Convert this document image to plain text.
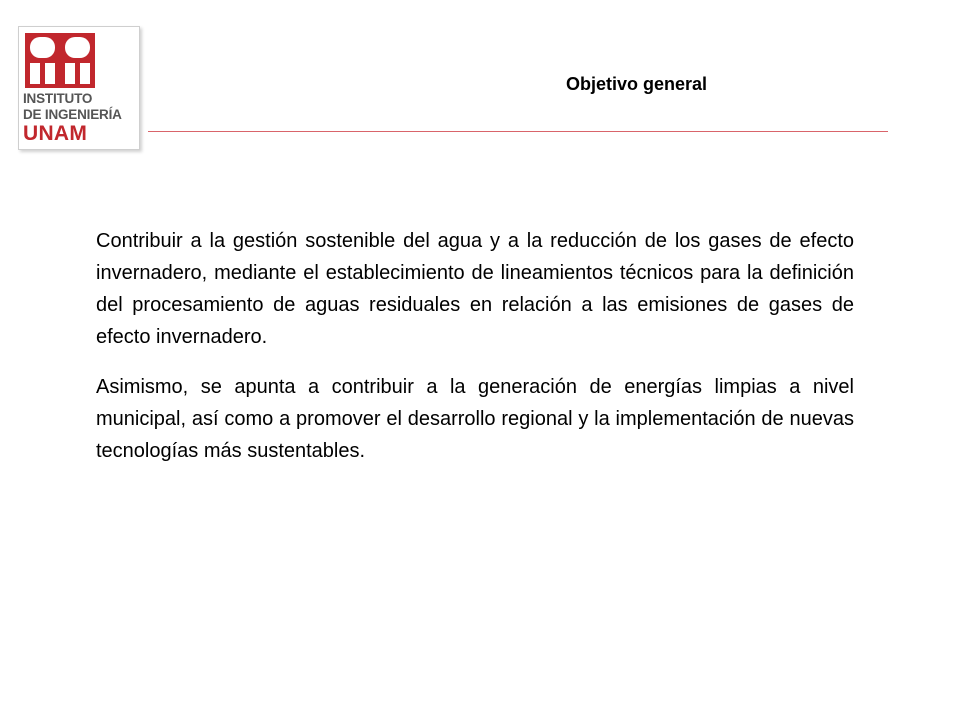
INSTITUTO
DE INGENIERÍA
UNAM
Objetivo general

Contribuir a la gestión sostenible del agua y a la reducción de los gases de efecto invernadero, mediante el establecimiento de lineamientos técnicos para la definición del procesamiento de aguas residuales en relación a las emisiones de gases de efecto invernadero.

Asimismo, se apunta a contribuir a la generación de energías limpias a nivel municipal, así como a promover el desarrollo regional y la implementación de nuevas tecnologías más sustentables.
